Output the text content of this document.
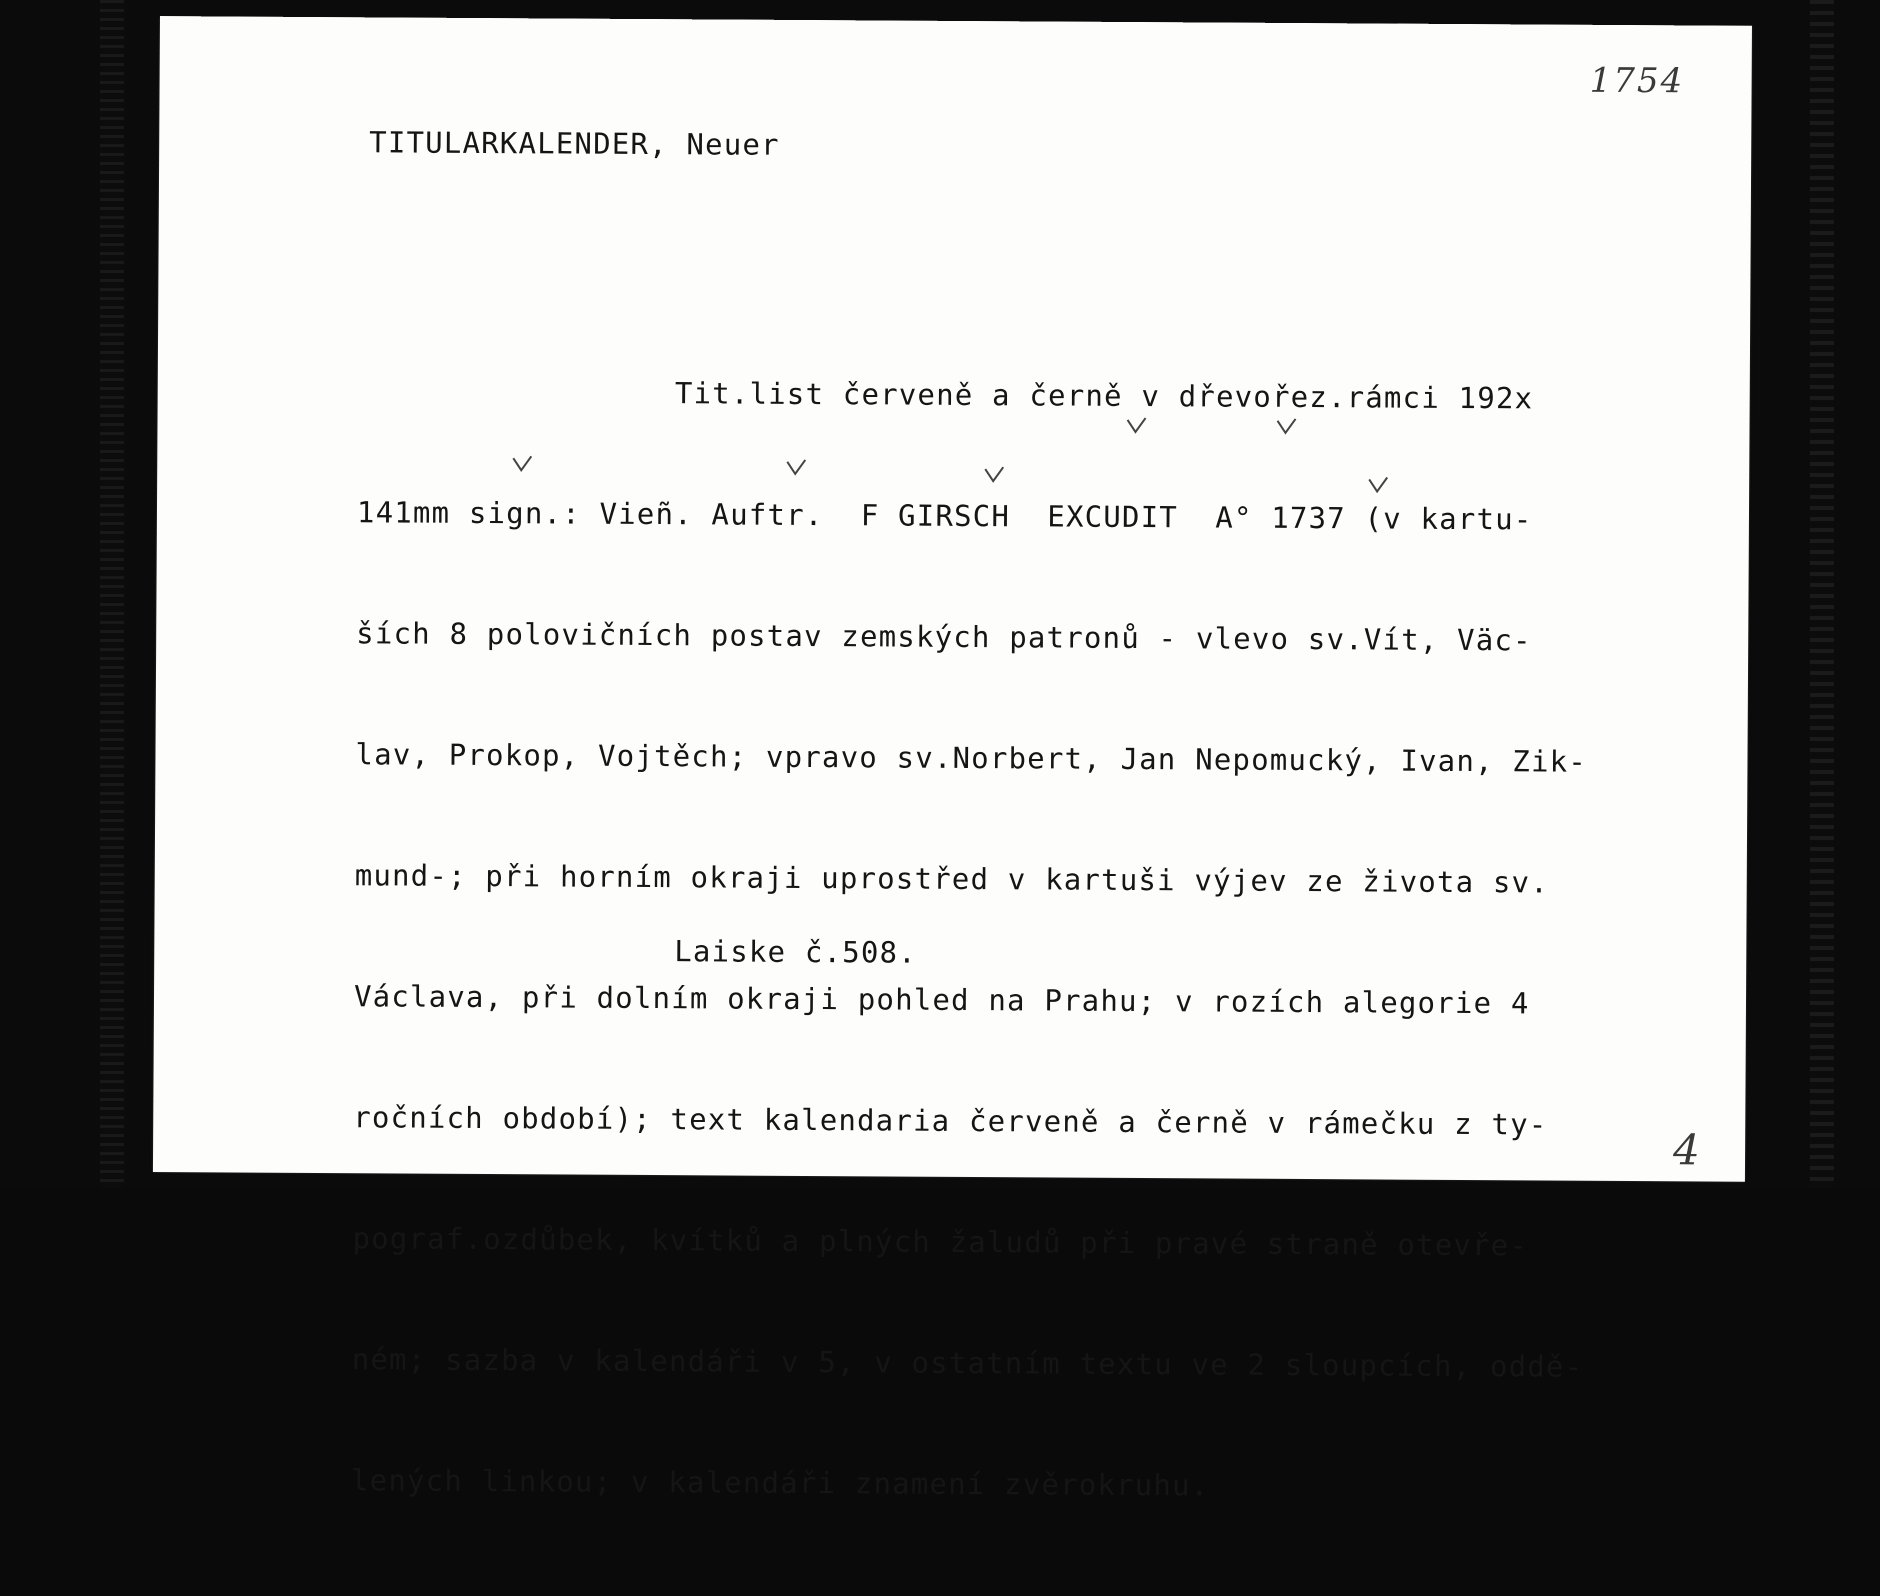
1754

TITULARKALENDER, Neuer

Tit.list červeně a černě v dřevořez.rámci 192x

141mm sign.: Vieñ. Auftr.  F GIRSCH  EXCUDIT  A° 1737 (v kartu-

ších 8 polovičních postav zemských patronů - vlevo sv.Vít, Väc-

lav, Prokop, Vojtěch; vpravo sv.Norbert, Jan Nepomucký, Ivan, Zik-

mund-; při horním okraji uprostřed v kartuši výjev ze života sv.

Václava, při dolním okraji pohled na Prahu; v rozích alegorie 4

ročních období); text kalendaria červeně a černě v rámečku z ty-

pograf.ozdůbek, kvítků a plných žaludů při pravé straně otevře-

ném; sazba v kalendáři v 5, v ostatním textu ve 2 sloupcích, oddě-

lených linkou; v kalendáři znamení zvěrokruhu.

Laiske č.508.

4
